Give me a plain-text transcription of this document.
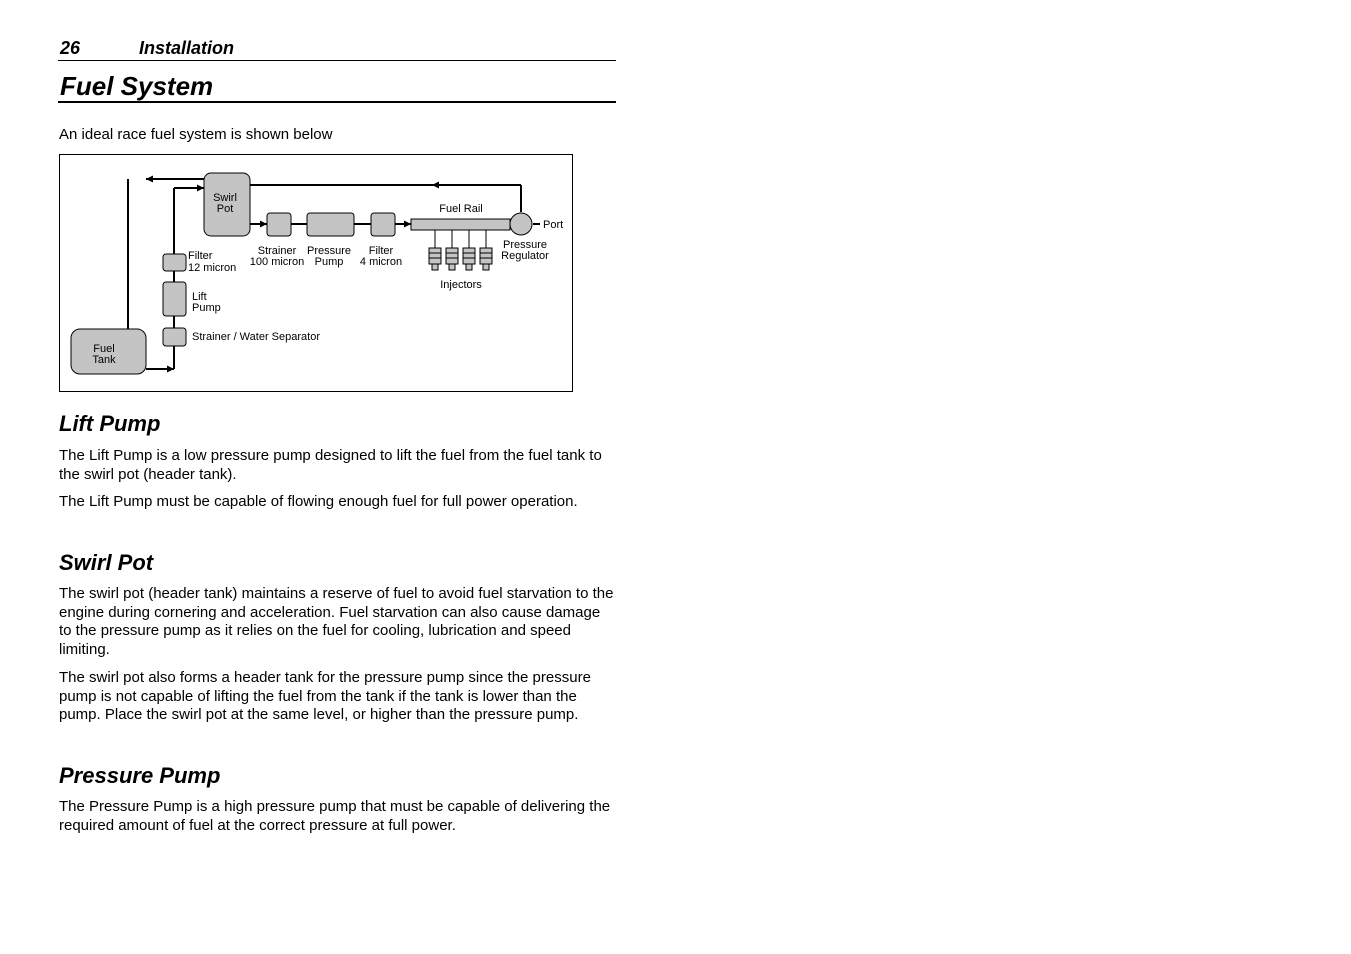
26	Installation
Fuel System

An ideal race fuel system is shown below

Swirl
Pot
Fuel
Tank
Filter
12 micron
Lift
Pump
Strainer / Water Separator
Strainer
100 micron
Pressure
Pump
Filter
4 micron
Fuel Rail
Port
Pressure
Regulator
Injectors
Lift Pump

The Lift Pump is a low pressure pump designed to lift the fuel from the fuel tank to the swirl pot (header tank).

The Lift Pump must be capable of flowing enough fuel for full power operation.

Swirl Pot

The swirl pot (header tank) maintains a reserve of fuel to avoid fuel starvation to the engine during cornering and acceleration. Fuel starvation can also cause damage to the pressure pump as it relies on the fuel for cooling, lubrication and speed limiting.

The swirl pot also forms a header tank for the pressure pump since the pressure pump is not capable of lifting the fuel from the tank if the tank is lower than the pump. Place the swirl pot at the same level, or higher than the pressure pump.

Pressure Pump

The Pressure Pump is a high pressure pump that must be capable of delivering the required amount of fuel at the correct pressure at full power.
